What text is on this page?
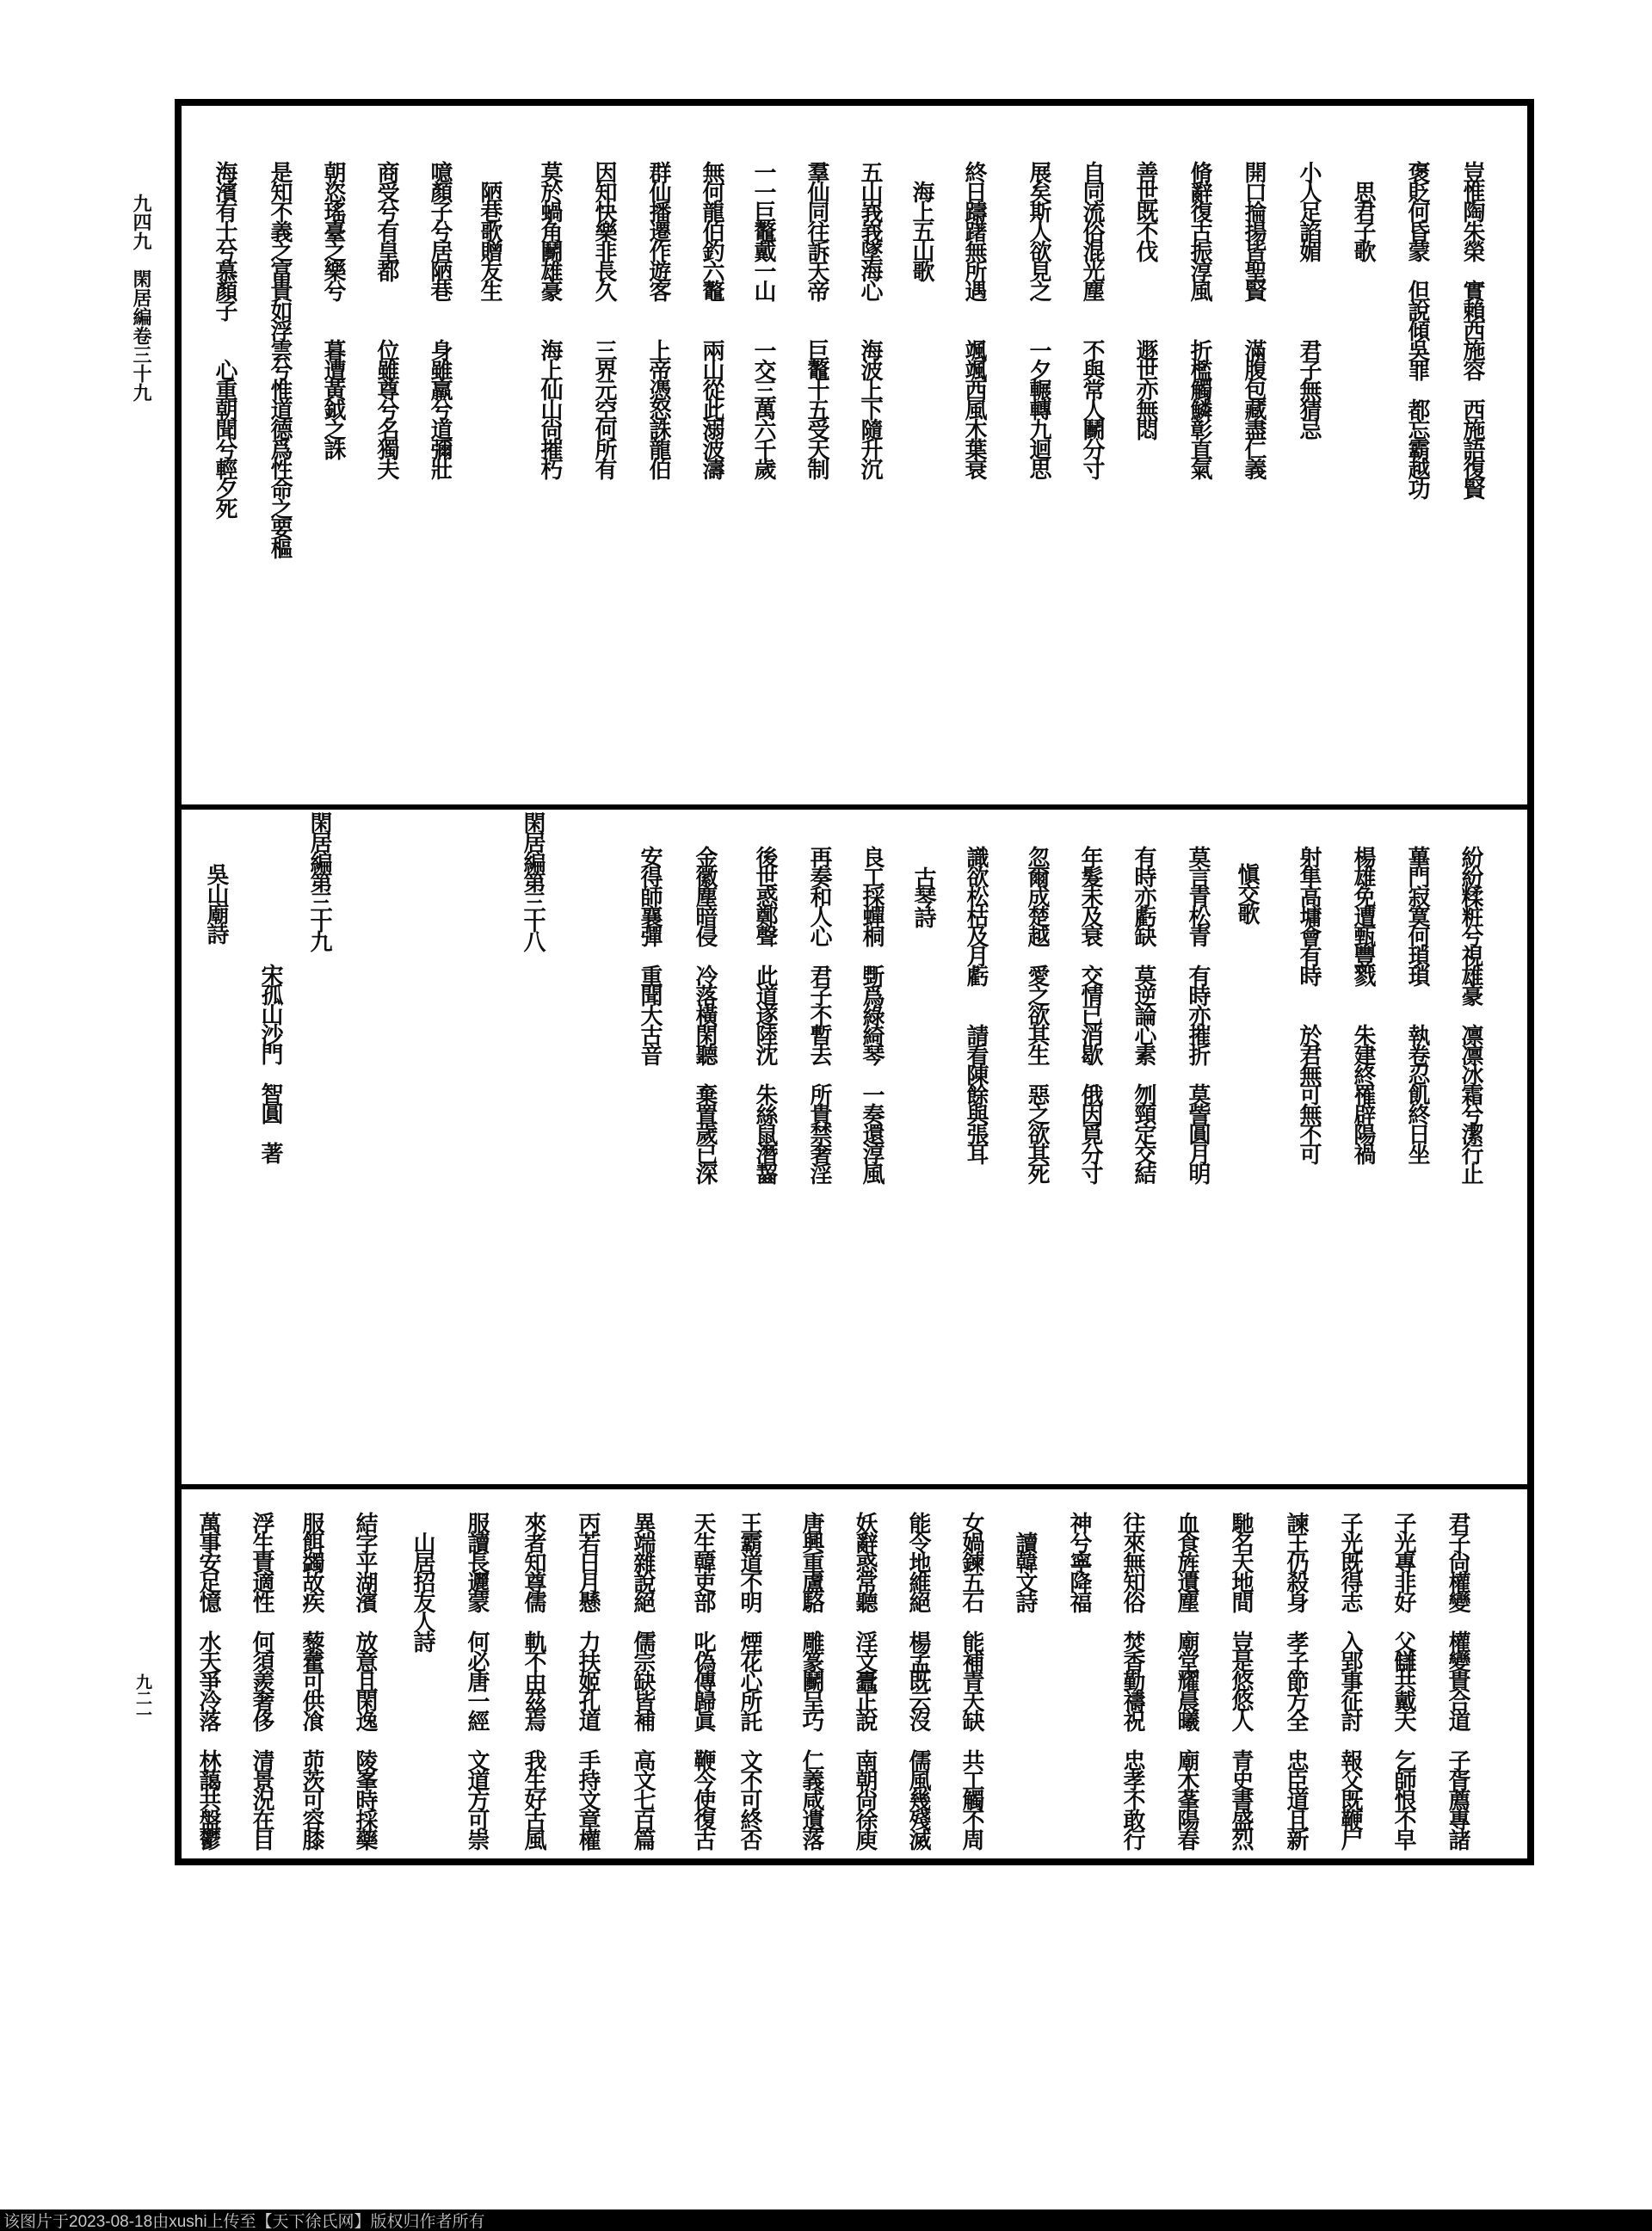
九四九　閑居編卷三十九
九二一
该图片于2023-08-18由xushi上传至【天下徐氏网】版权归作者所有
豈惟陶朱榮　實賴西施容　西施語復賢
褒貶何昏蒙　但說傾吳罪　都忘霸越功
思君子歌
小人足諂媚　　　　君子無猜忌
開口掄揚皆聖賢　　滿腹包藏盡仁義
脩辭復古振淳風　　折檻觸鱗彰直氣
善世既不伐　　　　遯世亦無悶
自同流俗混光塵　　不與常人鬭分寸
展矣斯人欲見之　　一夕輾轉九迴思
終日躊躇無所遇　　颯颯西風木葉衰
海上五山歌
五山峩峩墜海心　　海波上下隨升沉
羣仙同往訴天帝　　巨鼇十五受天制
一一巨鼇戴一山　　一交三萬六千歲
無何龍伯釣六鼇　　兩山從此溺波濤
群仙播遷作遊客　　上帝憑怒誅龍伯
因知快樂非長久　　三界元空何所有
莫於蝸角鬭雄豪　　海上仙山尙摧朽
陋巷歌贈友生
噫顏子兮居陋巷　　身雖羸兮道彌壯
商受兮有皇都　　　位雖尊兮名獨夫
朝恣瑤臺之樂兮　　暮遭黃鉞之誅
是知不義之富貴如浮雲兮惟道德爲性命之要樞
海濱有士兮慕顏子　　心重朝聞兮輕夕死
紛紛糅粧兮視雄豪　凛凛冰霜兮潔行止
蓽門寂寞何瑣瑣　　執卷忍飢終日坐
楊雄免遭甄豐戮　　朱建終罹辟陽禍
射隼高墉會有時　　於君無可無不可
愼交歌
莫言青松青　有時亦摧折　莫訾圓月明
有時亦虧缺　莫逆論心素　刎頸定交結
年髮未及衰　交情已消歇　俄因覓分寸
忽爾成楚越　愛之欲其生　惡之欲其死
識欲松枯及月虧　　請看陳餘與張耳
古琴詩
良工採蟬桐　斲爲綠綺琴　一奏還淳風
再奏和人心　君子不暫去　所貴禁奢淫
後世惑鄭聲　此道遂陸沈　朱絲鼠潛齧
金徽塵暗侵　冷落橫閑聽　棄置歲已深
安得師襄彈　重聞大古音
閑居編第三十八
閑居編第三十九
宋孤山沙門　智圓　著
吳山廟詩
君子尙權變　權變貴合道　子胥薦專諸
子光專非好　父讎共戴天　乞師恨不早
子光既得志　入郢事征討　報父既鞭尸
諫王仍殺身　孝子節方全　忠臣道且新
馳名天地間　豈是悠悠人　青史書盛烈
血食旌遺塵　廟堂耀晨曦　廟木莑陽春
往來無知俗　焚香勤禱祝　忠孝不敢行
神兮寧降福
讀韓文詩
女媧鍊五石　能補青天缺　共工觸不周
能令地維絕　楊孟既云沒　儒風幾殘滅
妖辭惑常聽　淫文蠹正說　南朝尙徐庾
唐興重盧駱　雕篆鬭呈巧　仁義咸遺落
王霸道不明　煙花心所託　文不可終否
天生韓吏部　叱偽傳歸眞　鞭今使復古
異端雜說絕　儒宗缺皆補　高文七百篇
丙若日月懸　力扶姬孔道　手持文章權
來者知尊儒　軌不由茲焉　我生好古風
服讀長邐蒙　何必唐一經　文道方可崇
山居招友人詩
結字平湖濱　放意且閑逸　陵峯時採藥
服餌蠲故疾　藜藿可供飡　茆茨可容膝
浮生貴適性　何須羨奢侈　清景況在目
萬事安足憶　水天爭冷落　林藹共盤鬱
